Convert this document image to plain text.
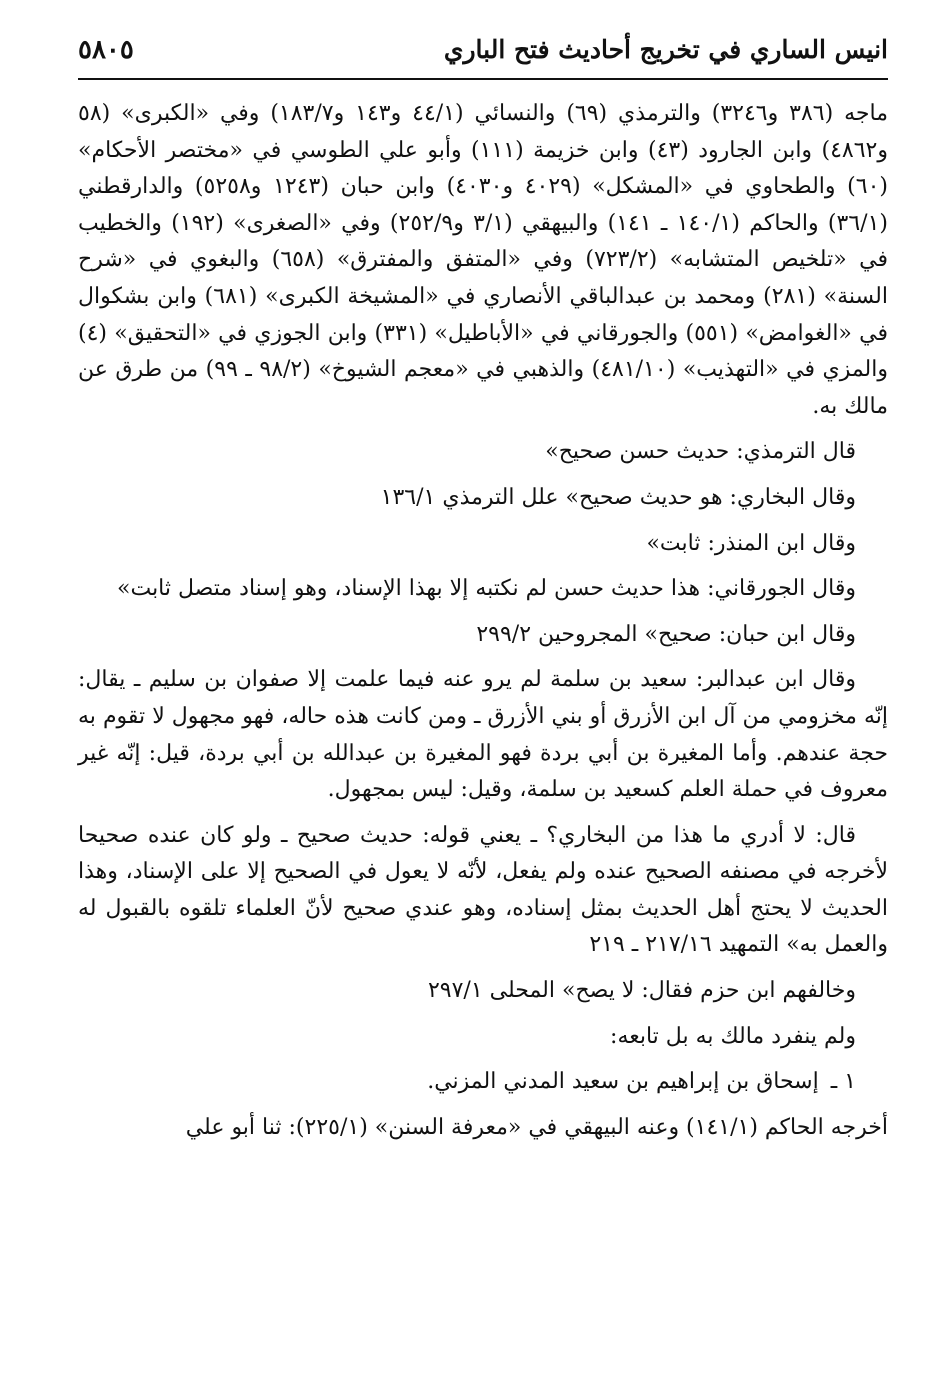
انيس الساري في تخريج أحاديث فتح الباري
٥٨٠٥

ماجه (٣٨٦ و٣٢٤٦) والترمذي (٦٩) والنسائي (٤٤/١ و١٤٣ و١٨٣/٧) وفي «الكبرى» (٥٨ و٤٨٦٢) وابن الجارود (٤٣) وابن خزيمة (١١١) وأبو علي الطوسي في «مختصر الأحكام» (٦٠) والطحاوي في «المشكل» (٤٠٢٩ و٤٠٣٠) وابن حبان (١٢٤٣ و٥٢٥٨) والدارقطني (٣٦/١) والحاكم (١٤٠/١ ـ ١٤١) والبيهقي (٣/١ و٢٥٢/٩) وفي «الصغرى» (١٩٢) والخطيب في «تلخيص المتشابه» (٧٢٣/٢) وفي «المتفق والمفترق» (٦٥٨) والبغوي في «شرح السنة» (٢٨١) ومحمد بن عبدالباقي الأنصاري في «المشيخة الكبرى» (٦٨١) وابن بشكوال في «الغوامض» (٥٥١) والجورقاني في «الأباطيل» (٣٣١) وابن الجوزي في «التحقيق» (٤) والمزي في «التهذيب» (٤٨١/١٠) والذهبي في «معجم الشيوخ» (٩٨/٢ ـ ٩٩) من طرق عن مالك به.

قال الترمذي: حديث حسن صحيح»

وقال البخاري: هو حديث صحيح» علل الترمذي ١٣٦/١

وقال ابن المنذر: ثابت»

وقال الجورقاني: هذا حديث حسن لم نكتبه إلا بهذا الإسناد، وهو إسناد متصل ثابت»

وقال ابن حبان: صحيح» المجروحين ٢٩٩/٢

وقال ابن عبدالبر: سعيد بن سلمة لم يرو عنه فيما علمت إلا صفوان بن سليم ـ يقال: إنّه مخزومي من آل ابن الأزرق أو بني الأزرق ـ ومن كانت هذه حاله، فهو مجهول لا تقوم به حجة عندهم. وأما المغيرة بن أبي بردة فهو المغيرة بن عبدالله بن أبي بردة، قيل: إنّه غير معروف في حملة العلم كسعيد بن سلمة، وقيل: ليس بمجهول.

قال: لا أدري ما هذا من البخاري؟ ـ يعني قوله: حديث صحيح ـ ولو كان عنده صحيحا لأخرجه في مصنفه الصحيح عنده ولم يفعل، لأنّه لا يعول في الصحيح إلا على الإسناد، وهذا الحديث لا يحتج أهل الحديث بمثل إسناده، وهو عندي صحيح لأنّ العلماء تلقوه بالقبول له والعمل به» التمهيد ٢١٧/١٦ ـ ٢١٩

وخالفهم ابن حزم فقال: لا يصح» المحلى ٢٩٧/١

ولم ينفرد مالك به بل تابعه:

١ ـ
إسحاق بن إبراهيم بن سعيد المدني المزني.

أخرجه الحاكم (١٤١/١) وعنه البيهقي في «معرفة السنن» (٢٢٥/١): ثنا أبو علي
